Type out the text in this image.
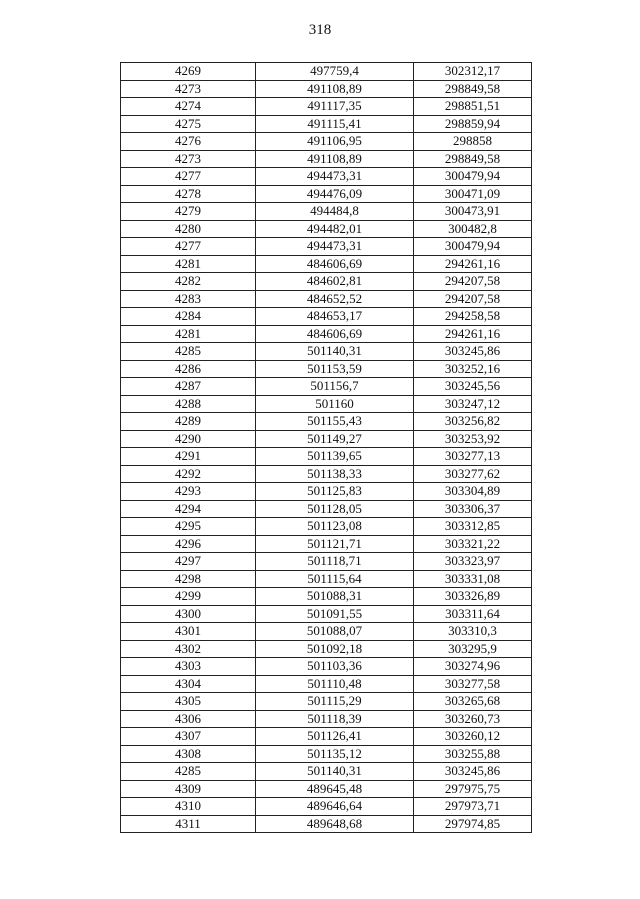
318
4269	497759,4	302312,17
4273	491108,89	298849,58
4274	491117,35	298851,51
4275	491115,41	298859,94
4276	491106,95	298858
4273	491108,89	298849,58
4277	494473,31	300479,94
4278	494476,09	300471,09
4279	494484,8	300473,91
4280	494482,01	300482,8
4277	494473,31	300479,94
4281	484606,69	294261,16
4282	484602,81	294207,58
4283	484652,52	294207,58
4284	484653,17	294258,58
4281	484606,69	294261,16
4285	501140,31	303245,86
4286	501153,59	303252,16
4287	501156,7	303245,56
4288	501160	303247,12
4289	501155,43	303256,82
4290	501149,27	303253,92
4291	501139,65	303277,13
4292	501138,33	303277,62
4293	501125,83	303304,89
4294	501128,05	303306,37
4295	501123,08	303312,85
4296	501121,71	303321,22
4297	501118,71	303323,97
4298	501115,64	303331,08
4299	501088,31	303326,89
4300	501091,55	303311,64
4301	501088,07	303310,3
4302	501092,18	303295,9
4303	501103,36	303274,96
4304	501110,48	303277,58
4305	501115,29	303265,68
4306	501118,39	303260,73
4307	501126,41	303260,12
4308	501135,12	303255,88
4285	501140,31	303245,86
4309	489645,48	297975,75
4310	489646,64	297973,71
4311	489648,68	297974,85
